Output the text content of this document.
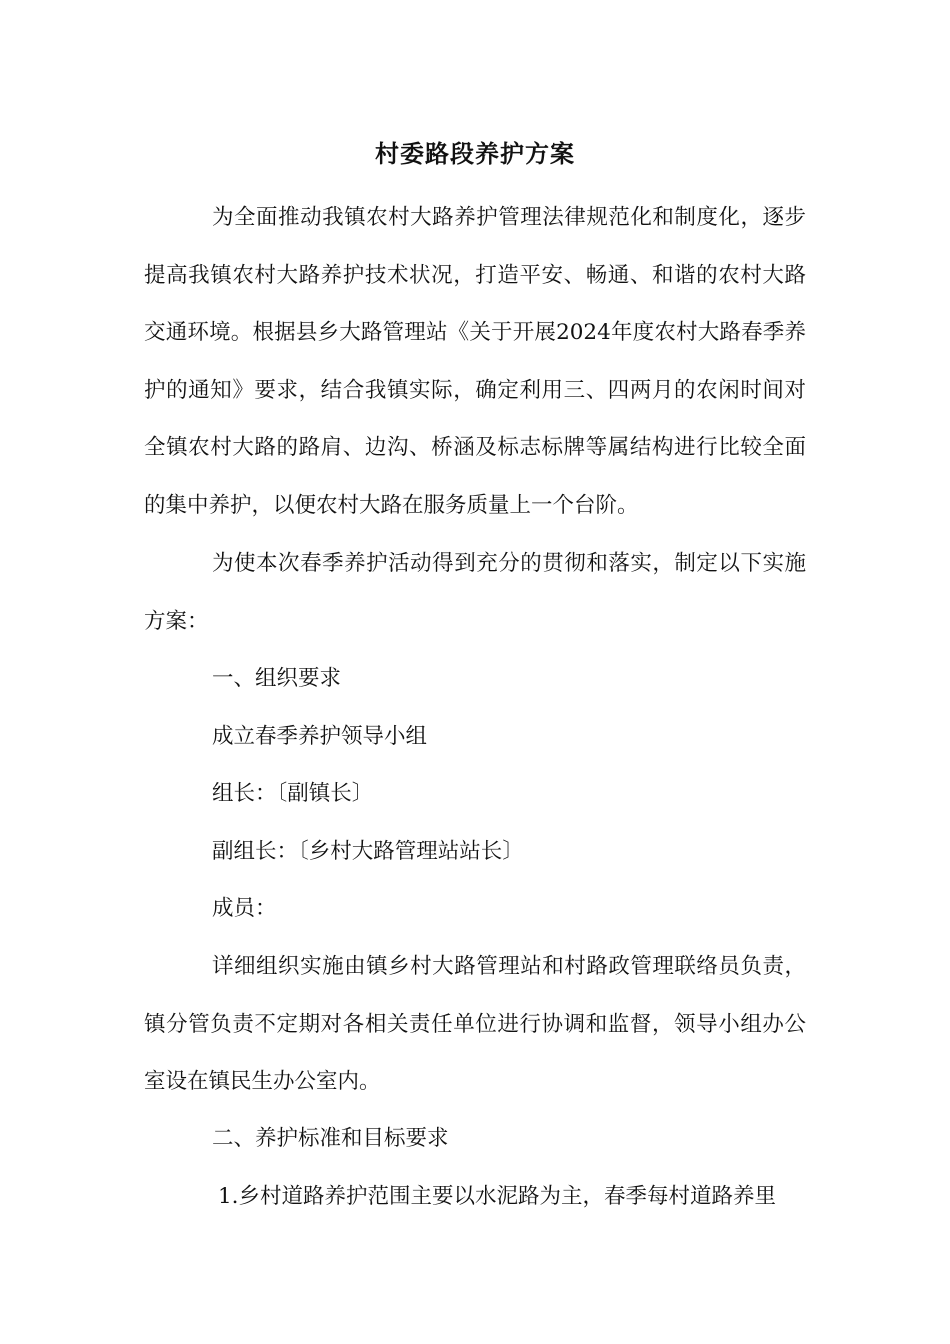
村委路段养护方案

为全面推动我镇农村大路养护管理法律规范化和制度化，逐步提高我镇农村大路养护技术状况，打造平安、畅通、和谐的农村大路交通环境。根据县乡大路管理站《关于开展2024年度农村大路春季养护的通知》要求，结合我镇实际，确定利用三、四两月的农闲时间对全镇农村大路的路肩、边沟、桥涵及标志标牌等属结构进行比较全面的集中养护，以便农村大路在服务质量上一个台阶。

为使本次春季养护活动得到充分的贯彻和落实，制定以下实施方案：

一、组织要求

成立春季养护领导小组

组长：〔副镇长〕

副组长：〔乡村大路管理站站长〕

成员：

详细组织实施由镇乡村大路管理站和村路政管理联络员负责，镇分管负责不定期对各相关责任单位进行协调和监督，领导小组办公室设在镇民生办公室内。

二、养护标准和目标要求

1.乡村道路养护范围主要以水泥路为主，春季每村道路养里
